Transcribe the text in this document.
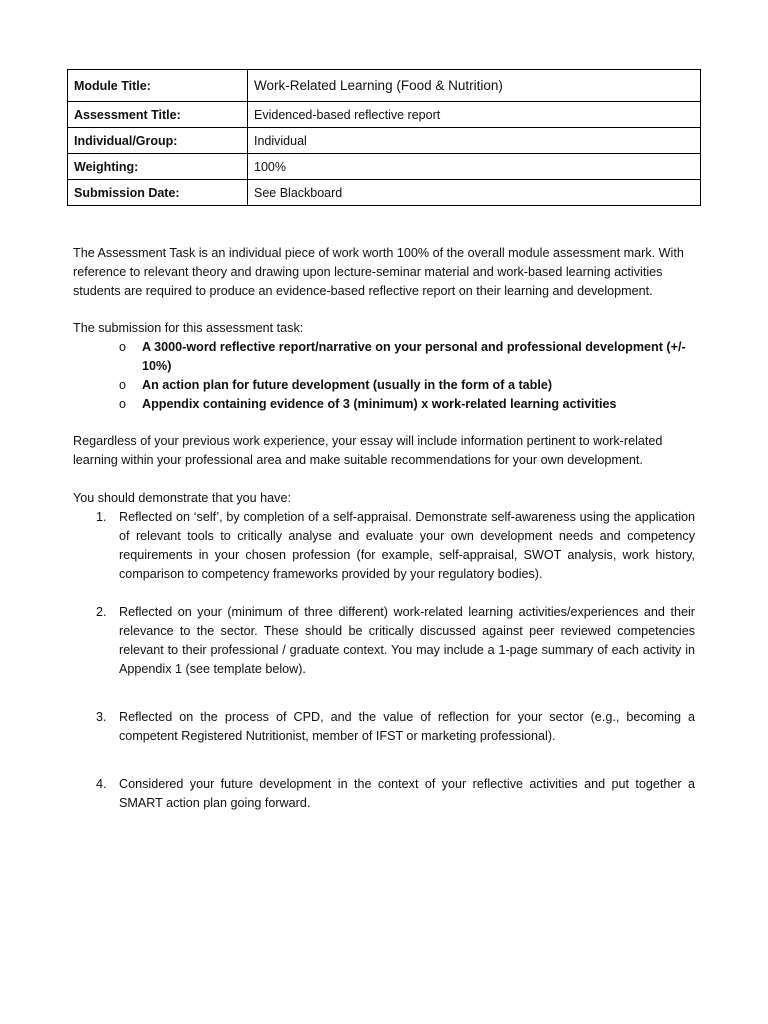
Module Title:	Work-Related Learning (Food & Nutrition)
Assessment Title:	Evidenced-based reflective report
Individual/Group:	Individual
Weighting:	100%
Submission Date:	See Blackboard

The Assessment Task is an individual piece of work worth 100% of the overall module assessment mark. With reference to relevant theory and drawing upon lecture-seminar material and work-based learning activities students are required to produce an evidence-based reflective report on their learning and development.

The submission for this assessment task:

o A 3000-word reflective report/narrative on your personal and professional development (+/- 10%)
o An action plan for future development (usually in the form of a table)
o Appendix containing evidence of 3 (minimum) x work-related learning activities

Regardless of your previous work experience, your essay will include information pertinent to work-related learning within your professional area and make suitable recommendations for your own development.

You should demonstrate that you have:

1. Reflected on ‘self’, by completion of a self-appraisal. Demonstrate self-awareness using the application of relevant tools to critically analyse and evaluate your own development needs and competency requirements in your chosen profession (for example, self-appraisal, SWOT analysis, work history, comparison to competency frameworks provided by your regulatory bodies).
2. Reflected on your (minimum of three different) work-related learning activities/experiences and their relevance to the sector. These should be critically discussed against peer reviewed competencies relevant to their professional / graduate context. You may include a 1-page summary of each activity in Appendix 1 (see template below).
3. Reflected on the process of CPD, and the value of reflection for your sector (e.g., becoming a competent Registered Nutritionist, member of IFST or marketing professional).
4. Considered your future development in the context of your reflective activities and put together a SMART action plan going forward.
